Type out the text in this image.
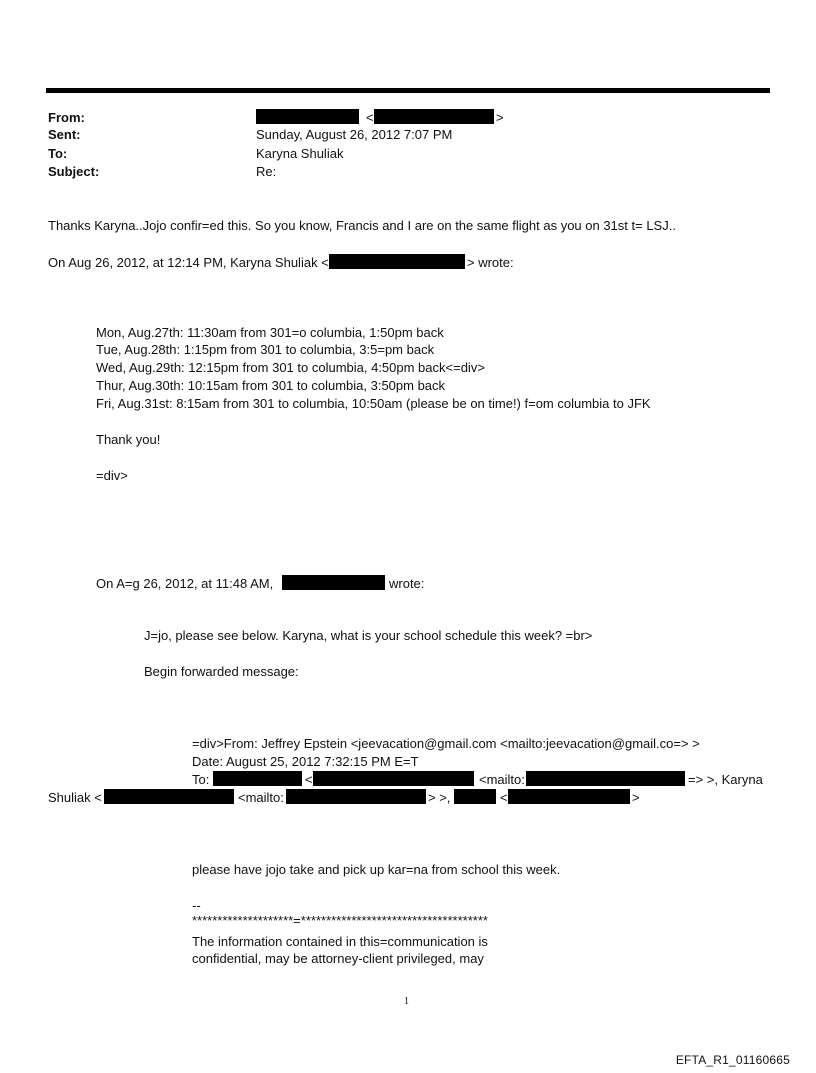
From:	<	>
Sent:	Sunday, August 26, 2012 7:07 PM
To:	Karyna Shuliak
Subject:	Re:
Thanks Karyna..Jojo confir=ed this. So you know, Francis and I are on the same flight as you on 31st t= LSJ..
On Aug 26, 2012, at 12:14 PM, Karyna Shuliak <	> wrote:
Mon, Aug.27th: 11:30am from 301=o columbia, 1:50pm back
Tue, Aug.28th: 1:15pm from 301 to columbia, 3:5=pm back
Wed, Aug.29th: 12:15pm from 301 to columbia, 4:50pm back<=div>
Thur, Aug.30th: 10:15am from 301 to columbia, 3:50pm back
Fri, Aug.31st: 8:15am from 301 to columbia, 10:50am (please be on time!) f=om columbia to JFK
Thank you!
=div>
On A=g 26, 2012, at 11:48 AM,	wrote:
J=jo, please see below. Karyna, what is your school schedule this week? =br>
Begin forwarded message:
=div>From: Jeffrey Epstein <jeevacation@gmail.com <mailto:jeevacation@gmail.co=> >
Date: August 25, 2012 7:32:15 PM E=T
To:	<	<mailto:	=> >, Karyna
Shuliak <	<mailto:	> >,	<	>
please have jojo take and pick up kar=na from school this week.
--
********************=*************************************
The information contained in this=communication is
confidential, may be attorney-client privileged, may
1
EFTA_R1_01160665
